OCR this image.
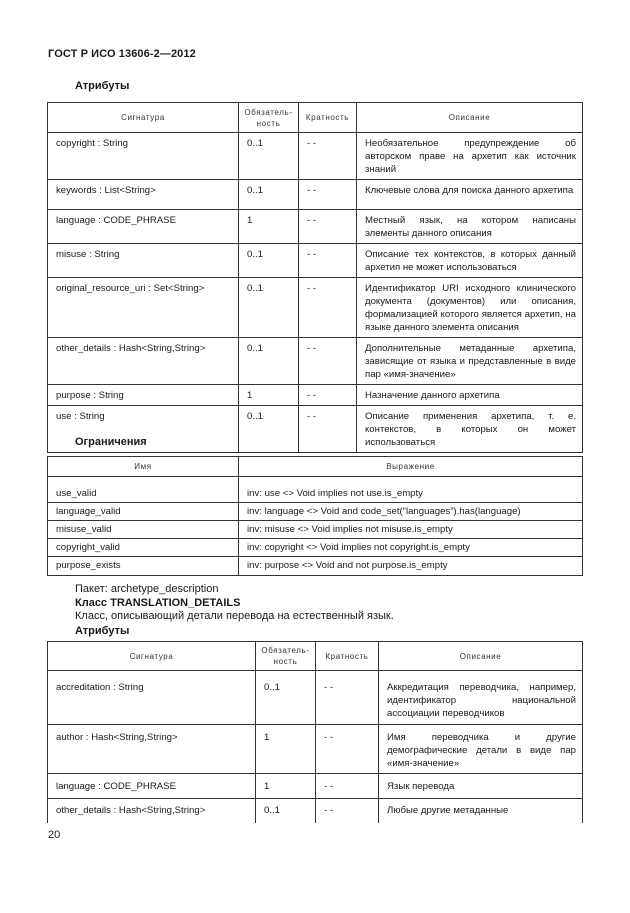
ГОСТ Р ИСО 13606-2—2012
Атрибуты
Сигнатура	Обязатель-ность	Кратность	Описание
copyright : String	0..1	- -	Необязательное предупреждение об авторском праве на архетип как источник знаний
keywords : List<String>	0..1	- -	Ключевые слова для поиска данного архетипа
language : CODE_PHRASE	1	- -	Местный язык, на котором написаны элементы данного описания
misuse : String	0..1	- -	Описание тех контекстов, в которых данный архетип не может использоваться
original_resource_uri : Set<String>	0..1	- -	Идентификатор URI исходного клинического документа (документов) или описания, формализацией которого является архетип, на языке данного элемента описания
other_details : Hash<String,String>	0..1	- -	Дополнительные метаданные архетипа, зависящие от языка и представленные в виде пар «имя-значение»
purpose : String	1	- -	Назначение данного архетипа
use : String	0..1	- -	Описание применения архетипа, т. е. контекстов, в которых он может использоваться
Ограничения
Имя	Выражение

use_valid	inv: use <> Void implies not use.is_empty
language_valid	inv: language <> Void and code_set(“languages”).has(language)
misuse_valid	inv: misuse <> Void implies not misuse.is_empty
copyright_valid	inv: copyright <> Void implies not copyright.is_empty
purpose_exists	inv: purpose <> Void and not purpose.is_empty
Пакет: archetype_description
Класс TRANSLATION_DETAILS
Класс, описывающий детали перевода на естественный язык.
Атрибуты
Сигнатура	Обязатель-ность	Кратность	Описание
accreditation : String	0..1	- -	Аккредитация переводчика, например, идентификатор национальной ассоциации переводчиков
author : Hash<String,String>	1	- -	Имя переводчика и другие демографические детали в виде пар «имя-значение»
language : CODE_PHRASE	1	- -	Язык перевода
other_details : Hash<String,String>	0..1	- -	Любые другие метаданные
20
